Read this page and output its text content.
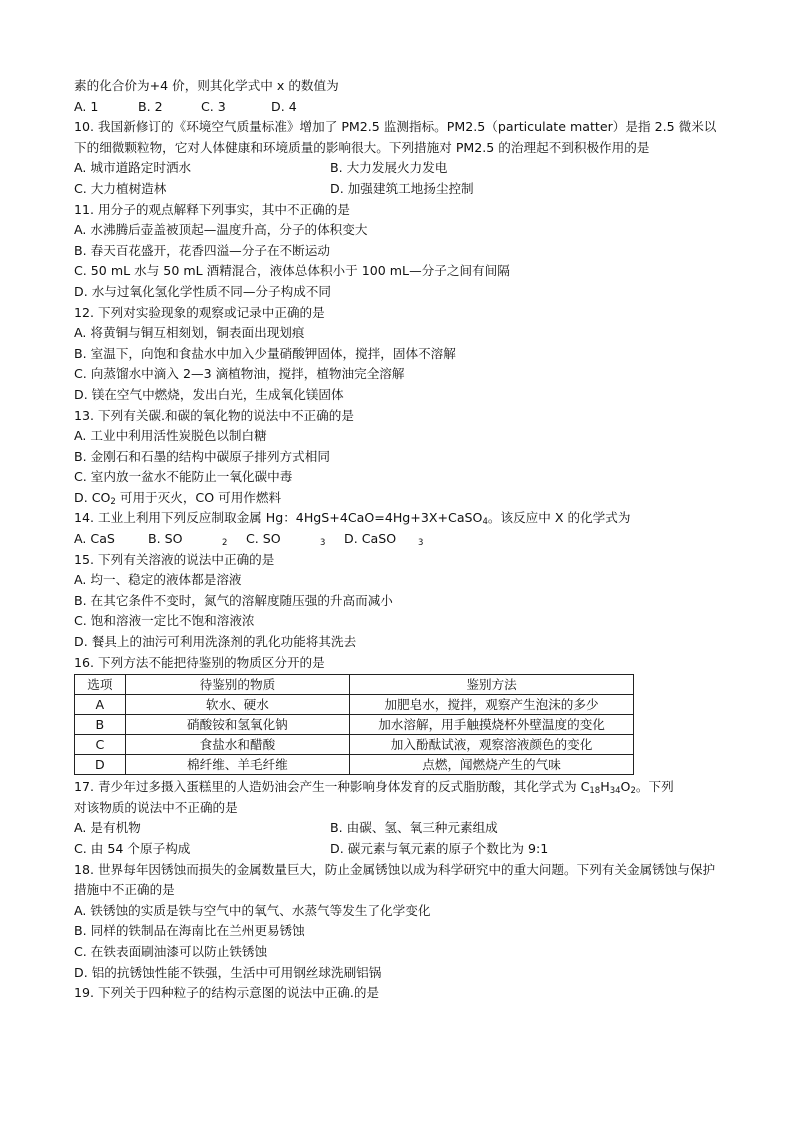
素的化合价为+4 价，则其化学式中 x 的数值为
A. 1	B. 2	C. 3	D. 4
10. 我国新修订的《环境空气质量标准》增加了 PM2.5 监测指标。PM2.5（particulate matter）是指 2.5 微米以下的细微颗粒物，它对人体健康和环境质量的影响很大。下列措施对 PM2.5 的治理起不到积极作用的是
A. 城市道路定时洒水	B. 大力发展火力发电
C. 大力植树造林	D. 加强建筑工地扬尘控制
11. 用分子的观点解释下列事实，其中不正确的是
A. 水沸腾后壶盖被顶起—温度升高，分子的体积变大
B. 春天百花盛开，花香四溢—分子在不断运动
C. 50 mL 水与 50 mL 酒精混合，液体总体积小于 100 mL—分子之间有间隔
D. 水与过氧化氢化学性质不同—分子构成不同
12. 下列对实验现象的观察或记录中正确的是
A. 将黄铜与铜互相刻划，铜表面出现划痕
B. 室温下，向饱和食盐水中加入少量硝酸钾固体，搅拌，固体不溶解
C. 向蒸馏水中滴入 2—3 滴植物油，搅拌，植物油完全溶解
D. 镁在空气中燃烧，发出白光，生成氧化镁固体
13. 下列有关碳.和碳的氧化物的说法中不正确的是
A. 工业中利用活性炭脱色以制白糖
B. 金刚石和石墨的结构中碳原子排列方式相同
C. 室内放一盆水不能防止一氧化碳中毒
D. $CO_2$ 可用于灭火，CO 可用作燃料
14. 工业上利用下列反应制取金属 Hg：4HgS+4CaO=4Hg+3X+CaSO$_4$。该反应中 X 的化学式为
A. CaS	B. SO	$_2$	C. SO	$_3$	D. CaSO	$_3$
15. 下列有关溶液的说法中正确的是
A. 均一、稳定的液体都是溶液
B. 在其它条件不变时，氮气的溶解度随压强的升高而减小
C. 饱和溶液一定比不饱和溶液浓
D. 餐具上的油污可利用洗涤剂的乳化功能将其洗去
16. 下列方法不能把待鉴别的物质区分开的是
选项	待鉴别的物质	鉴别方法
A	软水、硬水	加肥皂水，搅拌，观察产生泡沫的多少
B	硝酸铵和氢氧化钠	加水溶解，用手触摸烧杯外壁温度的变化
C	食盐水和醋酸	加入酚酞试液，观察溶液颜色的变化
D	棉纤维、羊毛纤维	点燃，闻燃烧产生的气味
17. 青少年过多摄入蛋糕里的人造奶油会产生一种影响身体发育的反式脂肪酸，其化学式为 $C_{18}H_{34}O_2$。下列
对该物质的说法中不正确的是
A. 是有机物	B. 由碳、氢、氧三种元素组成
C. 由 54 个原子构成	D. 碳元素与氧元素的原子个数比为 9:1
18. 世界每年因锈蚀而损失的金属数量巨大，防止金属锈蚀以成为科学研究中的重大问题。下列有关金属锈蚀与保护措施中不正确的是
A. 铁锈蚀的实质是铁与空气中的氧气、水蒸气等发生了化学变化
B. 同样的铁制品在海南比在兰州更易锈蚀
C. 在铁表面刷油漆可以防止铁锈蚀
D. 铝的抗锈蚀性能不铁强，生活中可用钢丝球洗刷铝锅
19. 下列关于四种粒子的结构示意图的说法中正确.的是
